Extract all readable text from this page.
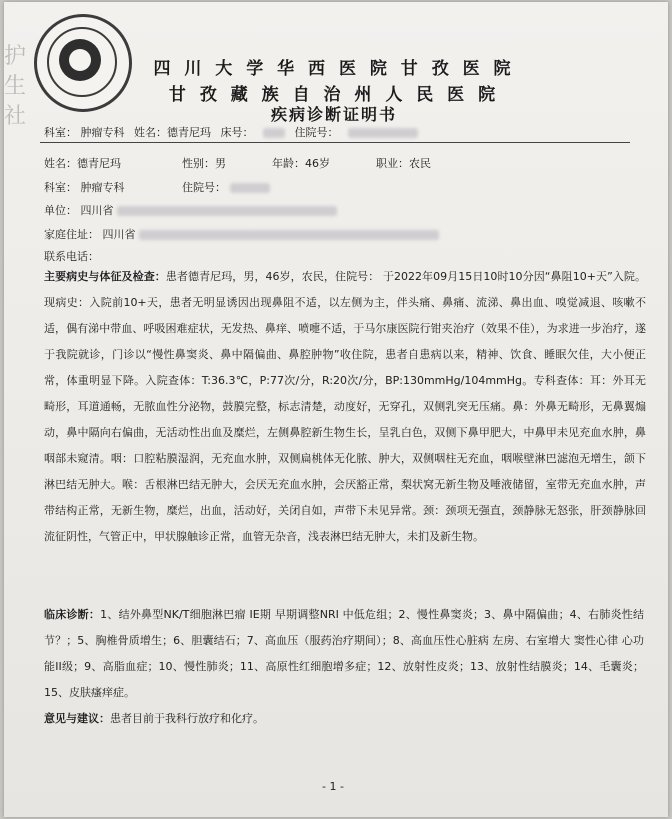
护
生
社
四 川 大 学 华 西 医 院 甘 孜 医 院
甘 孜 藏 族 自 治 州 人 民 医 院
疾病诊断证明书
科室： 肿瘤专科 姓名：德青尼玛 床号：	住院号：
姓名：德青尼玛	性别：男	年龄：46岁	职业：农民
科室： 肿瘤专科	住院号：
单位： 四川省
家庭住址： 四川省
联系电话：

主要病史与体征及检查：患者德青尼玛，男，46岁，农民，住院号： 于2022年09月15日10时10分因“鼻阻10+天”入院。现病史：入院前10+天，患者无明显诱因出现鼻阻不适，以左侧为主，伴头痛、鼻痛、流涕、鼻出血、嗅觉减退、咳嗽不适，偶有涕中带血、呼吸困难症状，无发热、鼻痒、喷嚏不适，于马尔康医院行钳夹治疗（效果不佳），为求进一步治疗，遂于我院就诊，门诊以“慢性鼻窦炎、鼻中隔偏曲、鼻腔肿物”收住院，患者自患病以来，精神、饮食、睡眠欠佳，大小便正常，体重明显下降。入院查体：T:36.3℃，P:77次/分，R:20次/分，BP:130mmHg/104mmHg。专科查体：耳：外耳无畸形，耳道通畅，无脓血性分泌物，鼓膜完整，标志清楚，动度好，无穿孔，双侧乳突无压痛。鼻：外鼻无畸形，无鼻翼煽动，鼻中隔向右偏曲，无活动性出血及糜烂，左侧鼻腔新生物生长，呈乳白色，双侧下鼻甲肥大，中鼻甲未见充血水肿，鼻咽部未窥清。咽：口腔粘膜湿润，无充血水肿，双侧扁桃体无化脓、肿大，双侧咽柱无充血，咽喉壁淋巴滤泡无增生，颌下淋巴结无肿大。喉：舌根淋巴结无肿大，会厌无充血水肿，会厌豁正常，梨状窝无新生物及唾液储留，室带无充血水肿，声带结构正常，无新生物，糜烂，出血，活动好，关闭自如，声带下未见异常。颈：颈项无强直，颈静脉无怒张，肝颈静脉回流征阴性，气管正中，甲状腺触诊正常，血管无杂音，浅表淋巴结无肿大，未扪及新生物。

临床诊断：1、结外鼻型NK/T细胞淋巴瘤 IE期 早期调整NRI 中低危组；2、慢性鼻窦炎；3、鼻中隔偏曲；4、右肺炎性结节？；5、胸椎骨质增生；6、胆囊结石；7、高血压（服药治疗期间）；8、高血压性心脏病 左房、右室增大 窦性心律 心功能II级；9、高脂血症；10、慢性肺炎；11、高原性红细胞增多症；12、放射性皮炎；13、放射性结膜炎；14、毛囊炎；15、皮肤瘙痒症。
意见与建议：患者目前于我科行放疗和化疗。
- 1 -
